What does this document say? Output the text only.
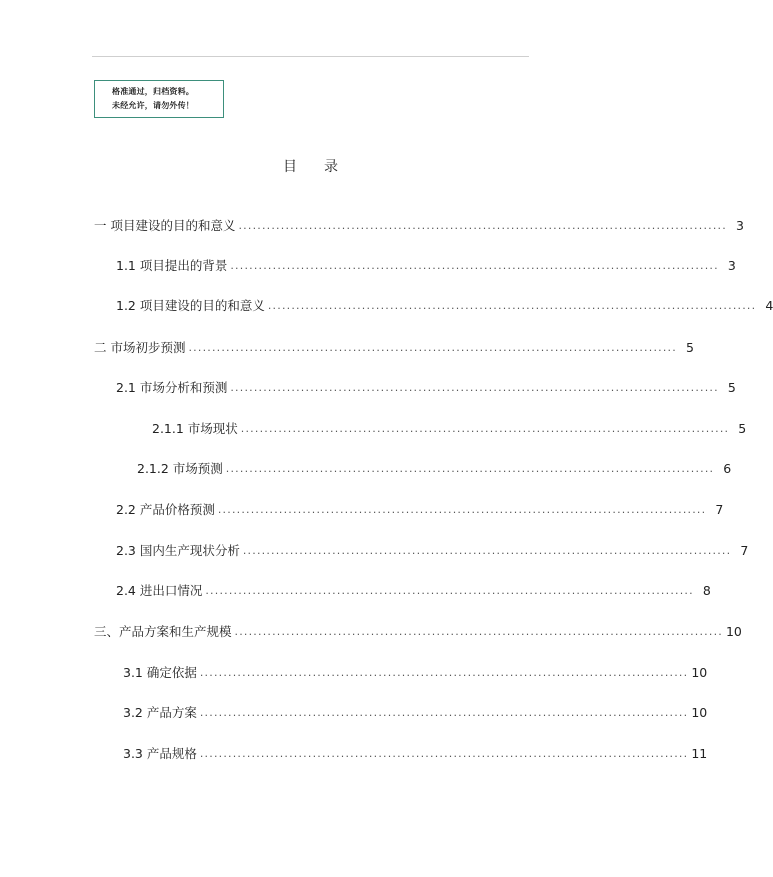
格准通过，归档资料。
未经允许，请勿外传！
目 录
一 项目建设的目的和意义 ........................................................................................................ 3
1.1 项目提出的背景 ........................................................................................................ 3
1.2 项目建设的目的和意义 ........................................................................................................ 4
二 市场初步预测 ........................................................................................................ 5
2.1 市场分析和预测 ........................................................................................................ 5
2.1.1 市场现状 ........................................................................................................ 5
2.1.2 市场预测 ........................................................................................................ 6
2.2 产品价格预测 ........................................................................................................ 7
2.3 国内生产现状分析 ........................................................................................................ 7
2.4 进出口情况 ........................................................................................................ 8
三、产品方案和生产规模 ........................................................................................................ 10
3.1 确定依据 ........................................................................................................ 10
3.2 产品方案 ........................................................................................................ 10
3.3 产品规格 ........................................................................................................ 11
